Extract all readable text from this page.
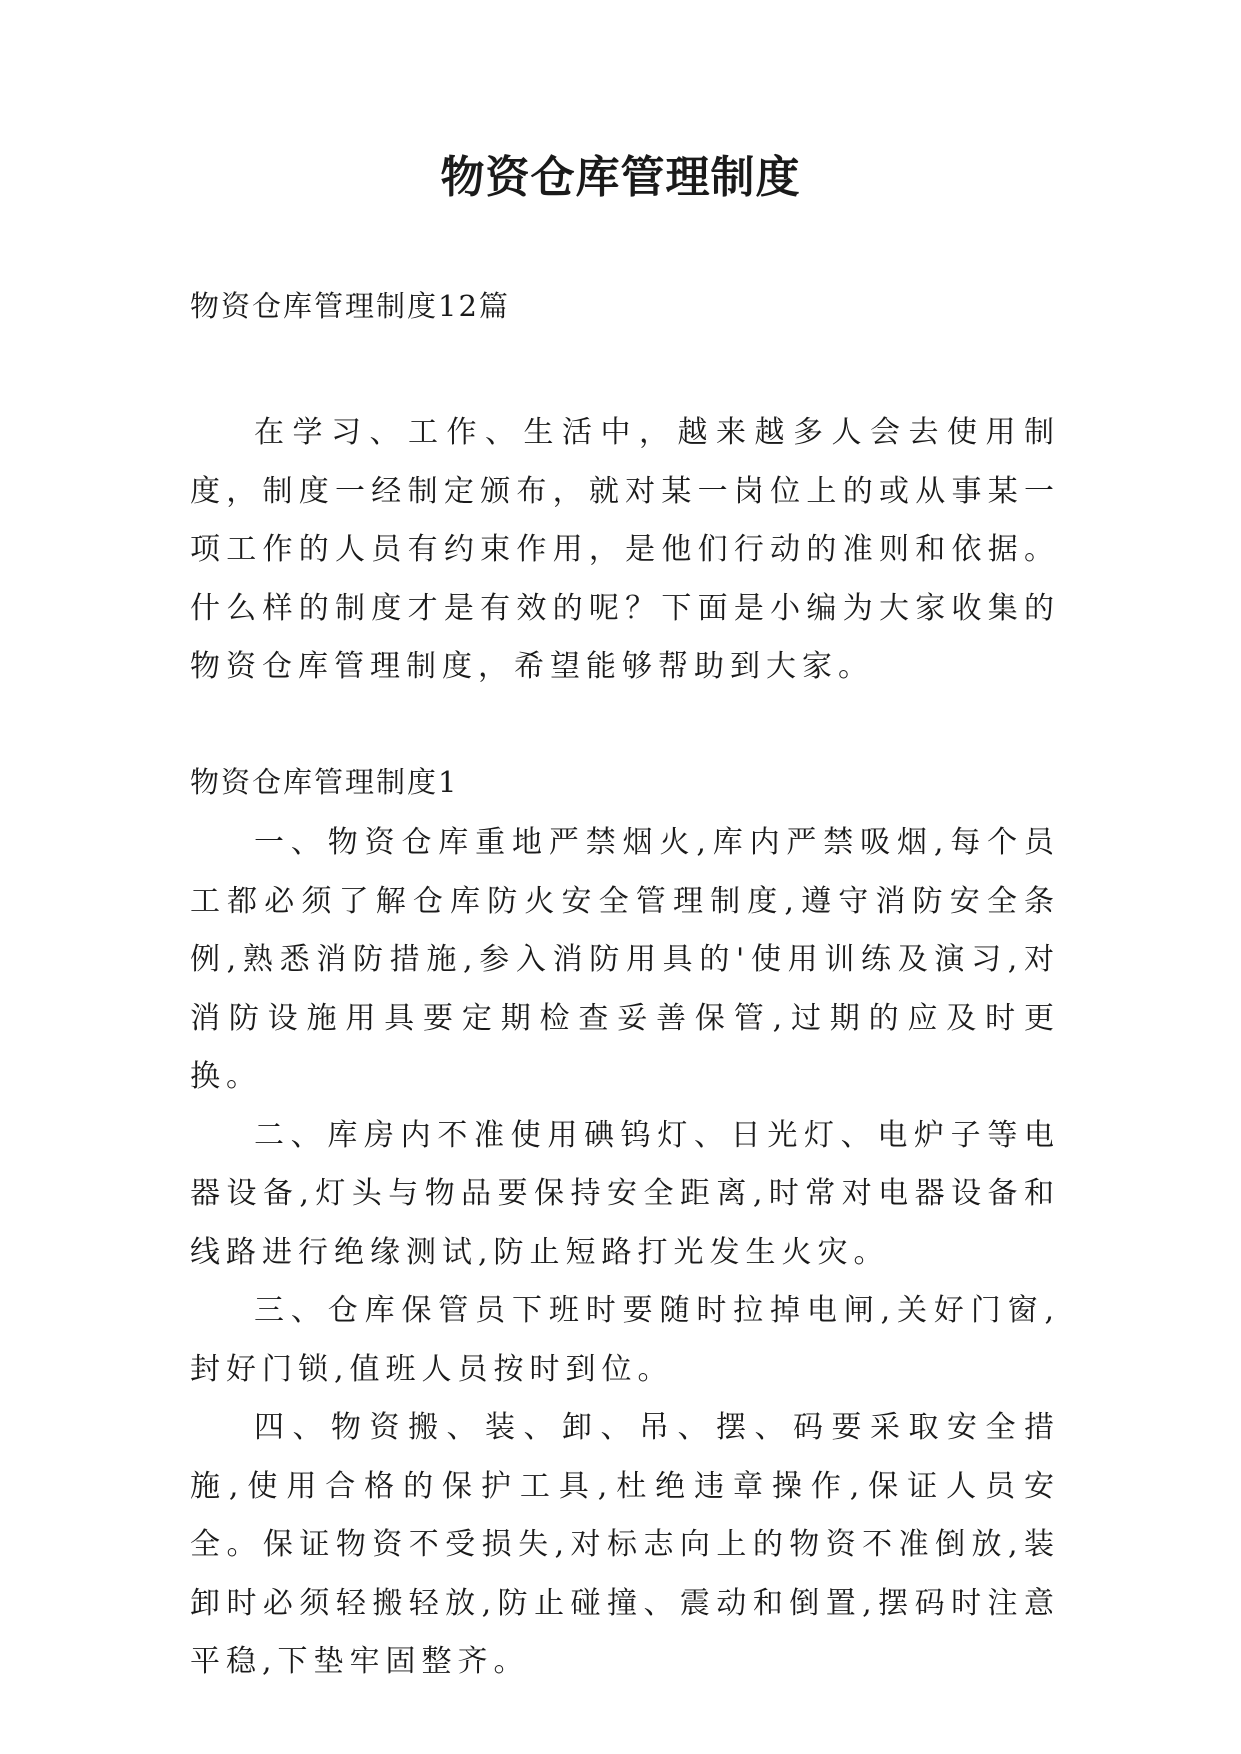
物资仓库管理制度

物资仓库管理制度12篇

在学习、工作、生活中，越来越多人会去使用制度，制度一经制定颁布，就对某一岗位上的或从事某一项工作的人员有约束作用，是他们行动的准则和依据。什么样的制度才是有效的呢？下面是小编为大家收集的物资仓库管理制度，希望能够帮助到大家。

物资仓库管理制度1

一、物资仓库重地严禁烟火,库内严禁吸烟,每个员工都必须了解仓库防火安全管理制度,遵守消防安全条例,熟悉消防措施,参入消防用具的'使用训练及演习,对消防设施用具要定期检查妥善保管,过期的应及时更换。

二、库房内不准使用碘钨灯、日光灯、电炉子等电器设备,灯头与物品要保持安全距离,时常对电器设备和线路进行绝缘测试,防止短路打光发生火灾。

三、仓库保管员下班时要随时拉掉电闸,关好门窗,封好门锁,值班人员按时到位。

四、物资搬、装、卸、吊、摆、码要采取安全措施,使用合格的保护工具,杜绝违章操作,保证人员安全。保证物资不受损失,对标志向上的物资不准倒放,装卸时必须轻搬轻放,防止碰撞、震动和倒置,摆码时注意平稳,下垫牢固整齐。
